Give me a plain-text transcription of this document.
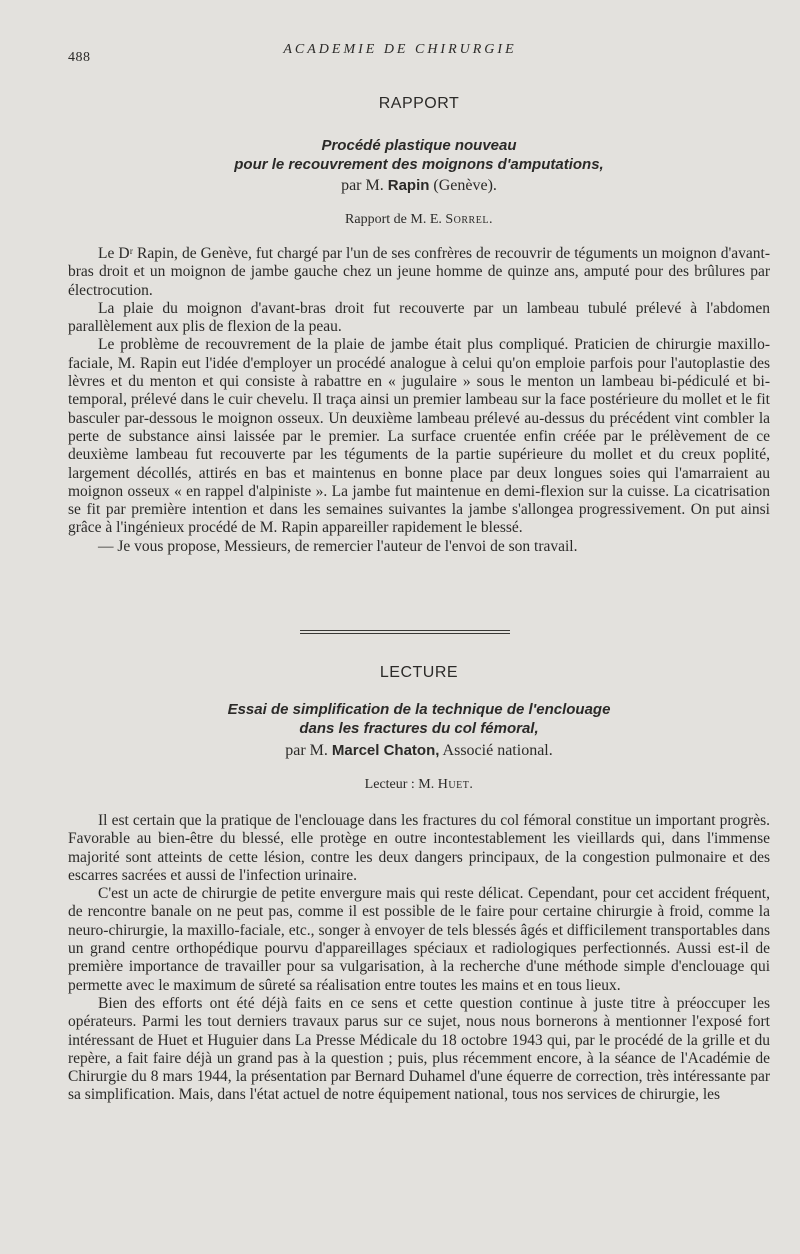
488
ACADEMIE DE CHIRURGIE
RAPPORT

Procédé plastique nouveau

pour le recouvrement des moignons d'amputations,

par M. Rapin (Genève).

Rapport de M. E. Sorrel.

Le Dʳ Rapin, de Genève, fut chargé par l'un de ses confrères de recouvrir de téguments un moignon d'avant-bras droit et un moignon de jambe gauche chez un jeune homme de quinze ans, amputé pour des brûlures par électrocution.

La plaie du moignon d'avant-bras droit fut recouverte par un lambeau tubulé prélevé à l'abdomen parallèlement aux plis de flexion de la peau.

Le problème de recouvrement de la plaie de jambe était plus compliqué. Praticien de chirurgie maxillo-faciale, M. Rapin eut l'idée d'employer un procédé analogue à celui qu'on emploie parfois pour l'autoplastie des lèvres et du menton et qui consiste à rabattre en « jugulaire » sous le menton un lambeau bi-pédiculé et bi-temporal, prélevé dans le cuir chevelu. Il traça ainsi un premier lambeau sur la face postérieure du mollet et le fit basculer par-dessous le moignon osseux. Un deuxième lambeau prélevé au-dessus du précédent vint combler la perte de substance ainsi laissée par le premier. La surface cruentée enfin créée par le prélèvement de ce deuxième lambeau fut recouverte par les téguments de la partie supérieure du mollet et du creux poplité, largement décollés, attirés en bas et maintenus en bonne place par deux longues soies qui l'amarraient au moignon osseux « en rappel d'alpiniste ». La jambe fut maintenue en demi-flexion sur la cuisse. La cicatrisation se fit par première intention et dans les semaines suivantes la jambe s'allongea progressivement. On put ainsi grâce à l'ingénieux procédé de M. Rapin appareiller rapidement le blessé.

— Je vous propose, Messieurs, de remercier l'auteur de l'envoi de son travail.

LECTURE

Essai de simplification de la technique de l'enclouage

dans les fractures du col fémoral,

par M. Marcel Chaton, Associé national.

Lecteur : M. Huet.

Il est certain que la pratique de l'enclouage dans les fractures du col fémoral constitue un important progrès. Favorable au bien-être du blessé, elle protège en outre incontestablement les vieillards qui, dans l'immense majorité sont atteints de cette lésion, contre les deux dangers principaux, de la congestion pulmonaire et des escarres sacrées et aussi de l'infection urinaire.

C'est un acte de chirurgie de petite envergure mais qui reste délicat. Cependant, pour cet accident fréquent, de rencontre banale on ne peut pas, comme il est possible de le faire pour certaine chirurgie à froid, comme la neuro-chirurgie, la maxillo-faciale, etc., songer à envoyer de tels blessés âgés et difficilement transportables dans un grand centre orthopédique pourvu d'appareillages spéciaux et radiologiques perfectionnés. Aussi est-il de première importance de travailler pour sa vulgarisation, à la recherche d'une méthode simple d'enclouage qui permette avec le maximum de sûreté sa réalisation entre toutes les mains et en tous lieux.

Bien des efforts ont été déjà faits en ce sens et cette question continue à juste titre à préoccuper les opérateurs. Parmi les tout derniers travaux parus sur ce sujet, nous nous bornerons à mentionner l'exposé fort intéressant de Huet et Huguier dans La Presse Médicale du 18 octobre 1943 qui, par le procédé de la grille et du repère, a fait faire déjà un grand pas à la question ; puis, plus récemment encore, à la séance de l'Académie de Chirurgie du 8 mars 1944, la présentation par Bernard Duhamel d'une équerre de correction, très intéressante par sa simplification. Mais, dans l'état actuel de notre équipement national, tous nos services de chirurgie, les
